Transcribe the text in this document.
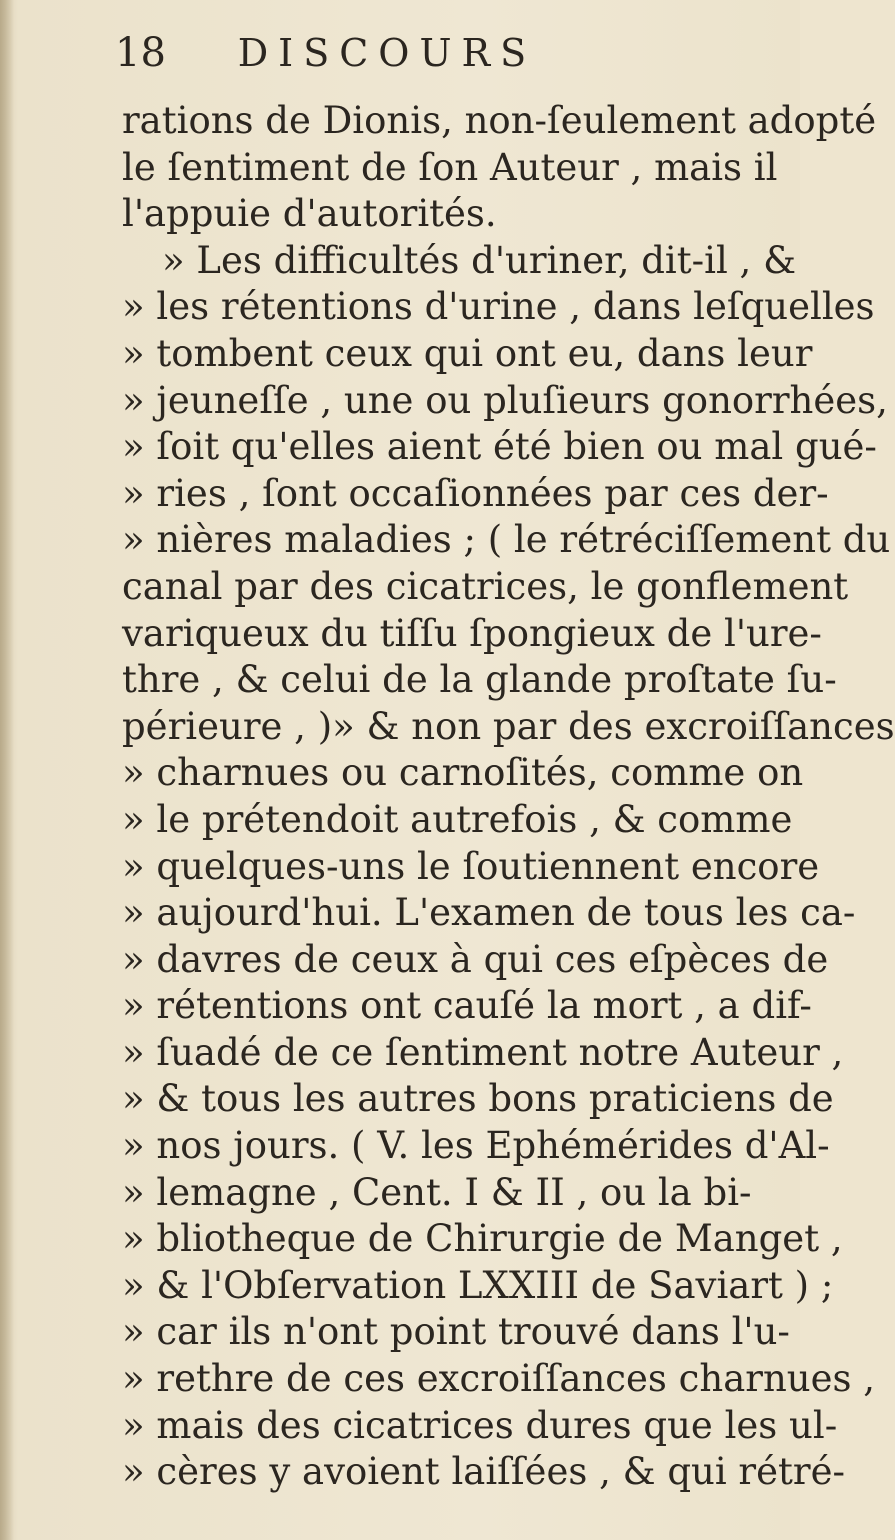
18 DISCOURS
rations de Dionis, non-ſeulement adopté
le ſentiment de ſon Auteur , mais il
l'appuie d'autorités.
» Les difficultés d'uriner, dit-il , &
» les rétentions d'urine , dans leſquelles
» tombent ceux qui ont eu, dans leur
» jeuneſſe , une ou pluſieurs gonorrhées,
» ſoit qu'elles aient été bien ou mal gué-
» ries , ſont occaſionnées par ces der-
» nières maladies ; ( le rétréciſſement du
canal par des cicatrices, le gonflement
variqueux du tiſſu ſpongieux de l'ure-
thre , & celui de la glande proſtate ſu-
périeure , )» & non par des excroiſſances
» charnues ou carnoſités, comme on
» le prétendoit autrefois , & comme
» quelques-uns le ſoutiennent encore
» aujourd'hui. L'examen de tous les ca-
» davres de ceux à qui ces eſpèces de
» rétentions ont cauſé la mort , a dif-
» ſuadé de ce ſentiment notre Auteur ,
» & tous les autres bons praticiens de
» nos jours. ( V. les Ephémérides d'Al-
» lemagne , Cent. I & II , ou la bi-
» bliotheque de Chirurgie de Manget ,
» & l'Obſervation LXXIII de Saviart ) ;
» car ils n'ont point trouvé dans l'u-
» rethre de ces excroiſſances charnues ,
» mais des cicatrices dures que les ul-
» cères y avoient laiſſées , & qui rétré-
